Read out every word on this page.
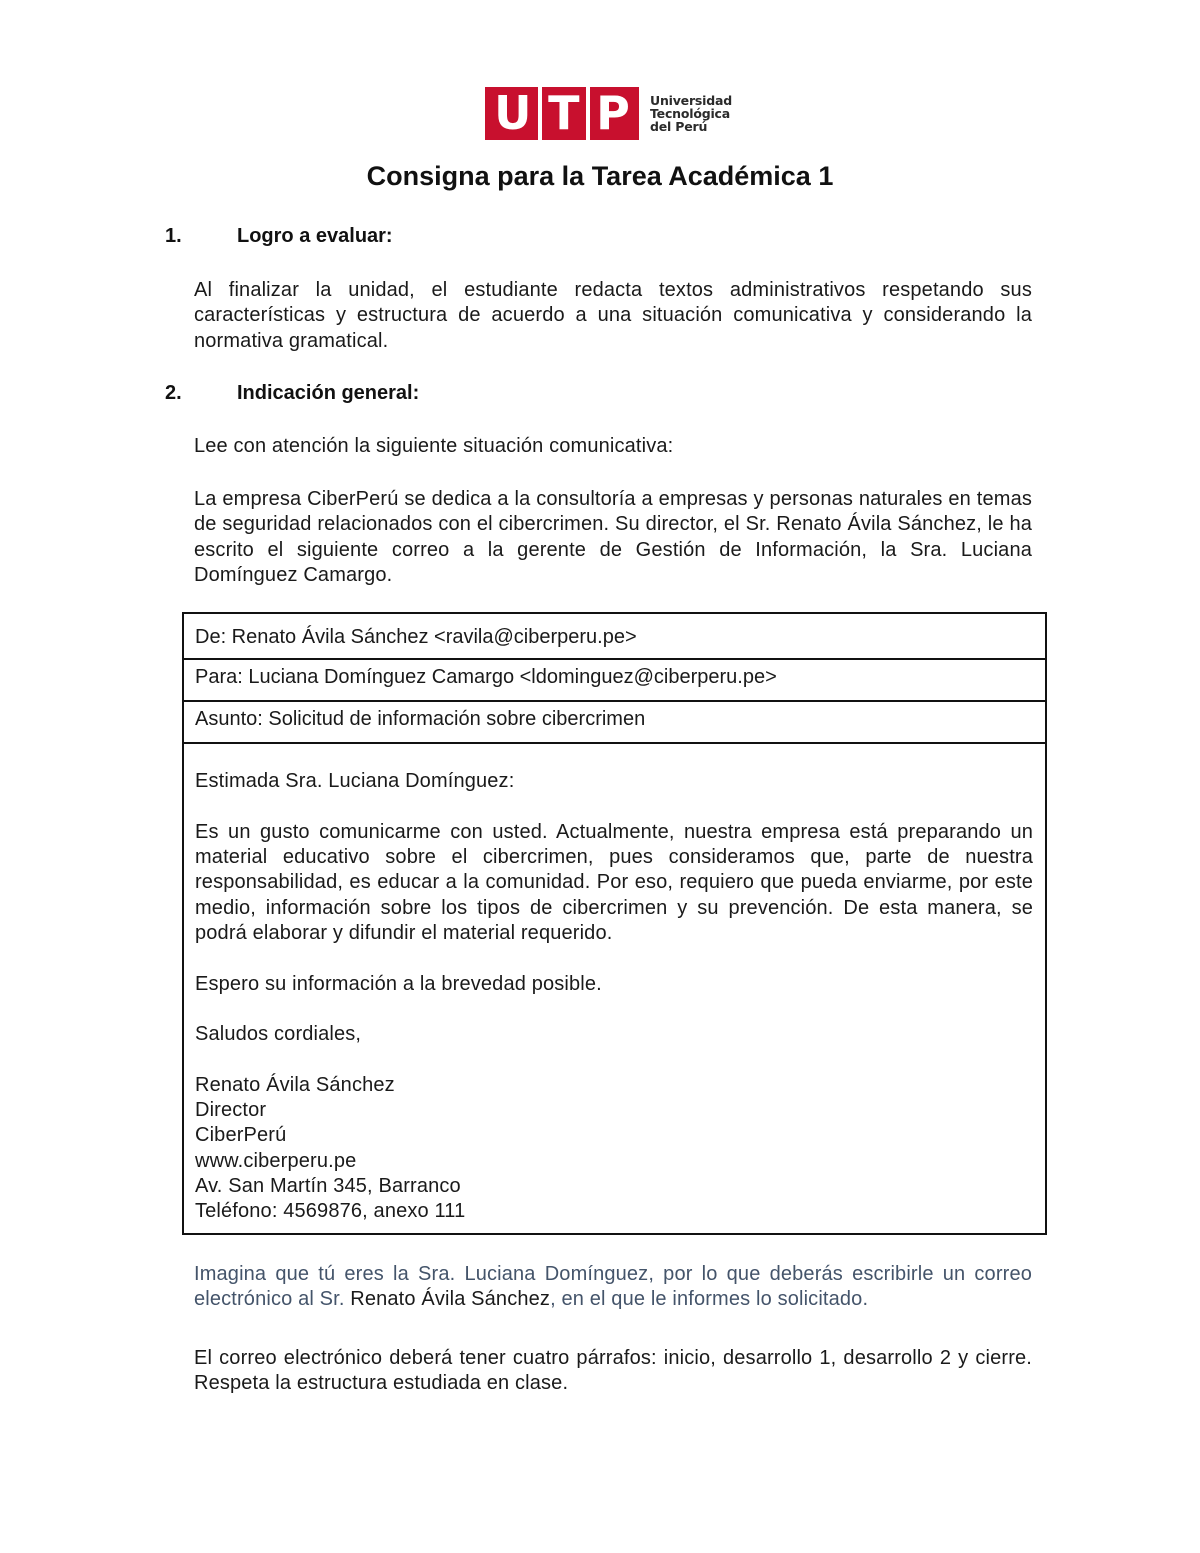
U T P Universidad
Tecnológica
del Perú
Consigna para la Tarea Académica 1
1.	Logro a evaluar:
Al finalizar la unidad, el estudiante redacta textos administrativos respetando sus características y estructura de acuerdo a una situación comunicativa y considerando la normativa gramatical.
2.	Indicación general:
Lee con atención la siguiente situación comunicativa:
La empresa CiberPerú se dedica a la consultoría a empresas y personas naturales en temas de seguridad relacionados con el cibercrimen. Su director, el Sr. Renato Ávila Sánchez, le ha escrito el siguiente correo a la gerente de Gestión de Información, la Sra. Luciana Domínguez Camargo.
De: Renato Ávila Sánchez <ravila@ciberperu.pe>
Para: Luciana Domínguez Camargo <ldominguez@ciberperu.pe>
Asunto: Solicitud de información sobre cibercrimen

Estimada Sra. Luciana Domínguez:

Es un gusto comunicarme con usted. Actualmente, nuestra empresa está preparando un material educativo sobre el cibercrimen, pues consideramos que, parte de nuestra responsabilidad, es educar a la comunidad. Por eso, requiero que pueda enviarme, por este medio, información sobre los tipos de cibercrimen y su prevención. De esta manera, se podrá elaborar y difundir el material requerido.

Espero su información a la brevedad posible.

Saludos cordiales,

Renato Ávila Sánchez

Director

CiberPerú

www.ciberperu.pe

Av. San Martín 345, Barranco

Teléfono: 4569876, anexo 111

Imagina que tú eres la Sra. Luciana Domínguez, por lo que deberás escribirle un correo electrónico al Sr. Renato Ávila Sánchez, en el que le informes lo solicitado.
El correo electrónico deberá tener cuatro párrafos: inicio, desarrollo 1, desarrollo 2 y cierre. Respeta la estructura estudiada en clase.
